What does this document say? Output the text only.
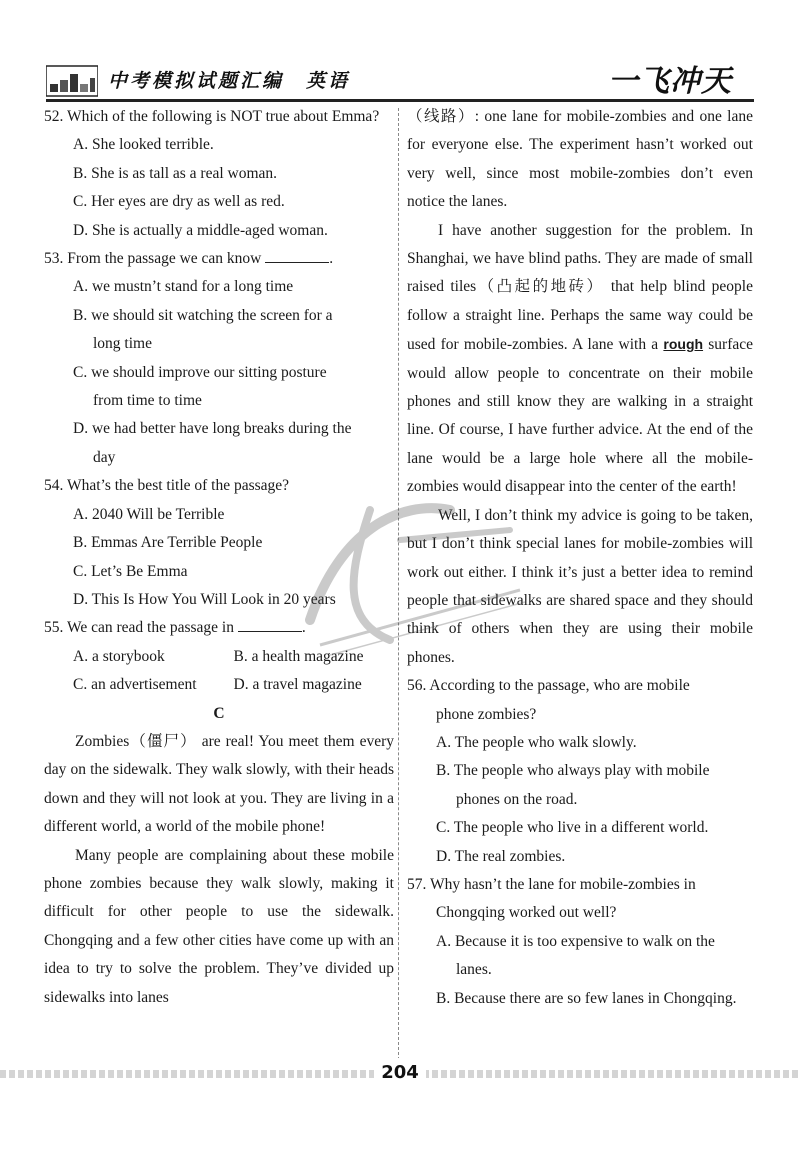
中考模拟试题汇编　英语	一飞冲天

52. Which of the following is NOT true about Emma?

A. She looked terrible.

B. She is as tall as a real woman.

C. Her eyes are dry as well as red.

D. She is actually a middle-aged woman.

53. From the passage we can know	.

A. we mustn’t stand for a long time

B. we should sit watching the screen for a

long time

C. we should improve our sitting posture

from time to time

D. we had better have long breaks during the

day

54. What’s the best title of the passage?

A. 2040 Will be Terrible

B. Emmas Are Terrible People

C. Let’s Be Emma

D. This Is How You Will Look in 20 years

55. We can read the passage in	.

A. a storybook	B. a health magazine
C. an advertisement	D. a travel magazine

C

Zombies（僵尸） are real! You meet them every day on the sidewalk. They walk slowly, with their heads down and they will not look at you. They are living in a different world, a world of the mobile phone!

Many people are complaining about these mobile phone zombies because they walk slowly, making it difficult for other people to use the sidewalk. Chongqing and a few other cities have come up with an idea to try to solve the problem. They’ve divided up sidewalks into lanes

（线路）: one lane for mobile-zombies and one lane for everyone else. The experiment hasn’t worked out very well, since most mobile-zombies don’t even notice the lanes.

I have another suggestion for the problem. In Shanghai, we have blind paths. They are made of small raised tiles（凸起的地砖） that help blind people follow a straight line. Perhaps the same way could be used for mobile-zombies. A lane with a rough surface would allow people to concentrate on their mobile phones and still know they are walking in a straight line. Of course, I have further advice. At the end of the lane would be a large hole where all the mobile-zombies would disappear into the center of the earth!

Well, I don’t think my advice is going to be taken, but I don’t think special lanes for mobile-zombies will work out either. I think it’s just a better idea to remind people that sidewalks are shared space and they should think of others when they are using their mobile phones.

56. According to the passage, who are mobile

phone zombies?

A. The people who walk slowly.

B. The people who always play with mobile

phones on the road.

C. The people who live in a different world.

D. The real zombies.

57. Why hasn’t the lane for mobile-zombies in

Chongqing worked out well?

A. Because it is too expensive to walk on the

lanes.

B. Because there are so few lanes in Chongqing.

204
